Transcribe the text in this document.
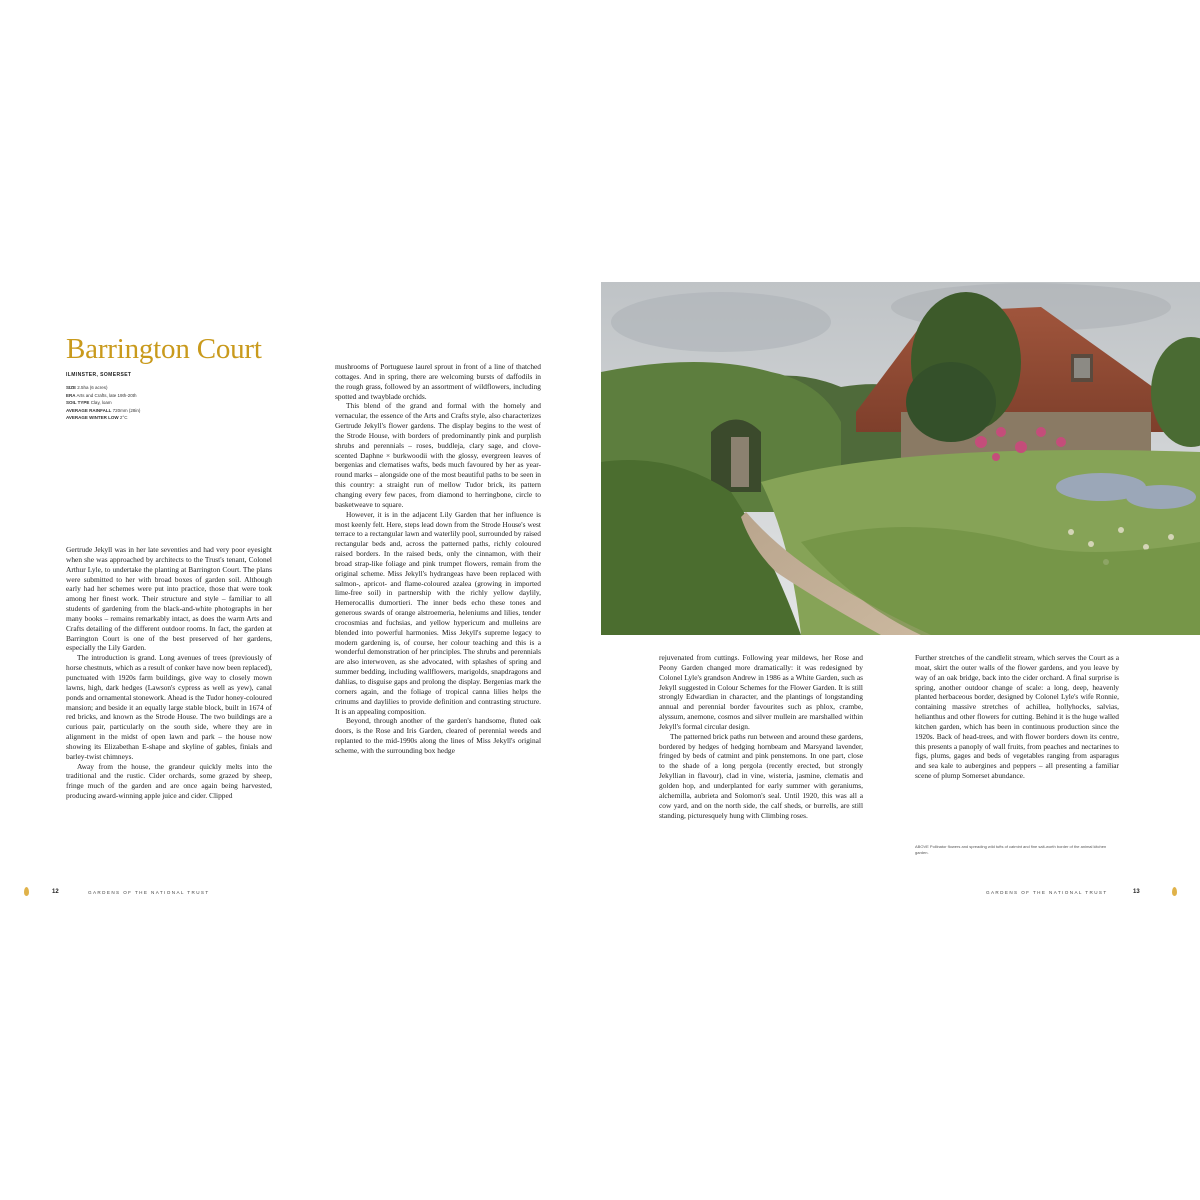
Barrington Court
ILMINSTER, SOMERSET
SIZE 2.5ha (6 acres)
ERA Arts and Crafts, late 19th-20th
SOIL TYPE Clay, loam
AVERAGE RAINFALL 720mm (28in)
AVERAGE WINTER LOW 2°C

Gertrude Jekyll was in her late seventies and had very poor eyesight when she was approached by architects to the Trust's tenant, Colonel Arthur Lyle, to undertake the planting at Barrington Court. The plans were submitted to her with broad boxes of garden soil. Although early had her schemes were put into practice, those that were took among her finest work. Their structure and style – familiar to all students of gardening from the black-and-white photographs in her many books – remains remarkably intact, as does the warm Arts and Crafts detailing of the different outdoor rooms. In fact, the garden at Barrington Court is one of the best preserved of her gardens, especially the Lily Garden.

The introduction is grand. Long avenues of trees (previously of horse chestnuts, which as a result of conker have now been replaced), punctuated with 1920s farm buildings, give way to closely mown lawns, high, dark hedges (Lawson's cypress as well as yew), canal ponds and ornamental stonework. Ahead is the Tudor honey-coloured mansion; and beside it an equally large stable block, built in 1674 of red bricks, and known as the Strode House. The two buildings are a curious pair, particularly on the south side, where they are in alignment in the midst of open lawn and park – the house now showing its Elizabethan E-shape and skyline of gables, finials and barley-twist chimneys.

Away from the house, the grandeur quickly melts into the traditional and the rustic. Cider orchards, some grazed by sheep, fringe much of the garden and are once again being harvested, producing award-winning apple juice and cider. Clipped

mushrooms of Portuguese laurel sprout in front of a line of thatched cottages. And in spring, there are welcoming bursts of daffodils in the rough grass, followed by an assortment of wildflowers, including spotted and twayblade orchids.

This blend of the grand and formal with the homely and vernacular, the essence of the Arts and Crafts style, also characterizes Gertrude Jekyll's flower gardens. The display begins to the west of the Strode House, with borders of predominantly pink and purplish shrubs and perennials – roses, buddleja, clary sage, and clove-scented Daphne × burkwoodii with the glossy, evergreen leaves of bergenias and clematises wafts, beds much favoured by her as year-round marks – alongside one of the most beautiful paths to be seen in this country: a straight run of mellow Tudor brick, its pattern changing every few paces, from diamond to herringbone, circle to basketweave to square.

However, it is in the adjacent Lily Garden that her influence is most keenly felt. Here, steps lead down from the Strode House's west terrace to a rectangular lawn and waterlily pool, surrounded by raised rectangular beds and, across the patterned paths, richly coloured raised borders. In the raised beds, only the cinnamon, with their broad strap-like foliage and pink trumpet flowers, remain from the original scheme. Miss Jekyll's hydrangeas have been replaced with salmon-, apricot- and flame-coloured azalea (growing in imported lime-free soil) in partnership with the richly yellow daylily, Hemerocallis dumortieri. The inner beds echo these tones and generous swards of orange alstroemeria, heleniums and lilies, tender crocosmias and fuchsias, and yellow hypericum and mulleins are blended into powerful harmonies. Miss Jekyll's supreme legacy to modern gardening is, of course, her colour teaching and this is a wonderful demonstration of her principles. The shrubs and perennials are also interwoven, as she advocated, with splashes of spring and summer bedding, including wallflowers, marigolds, snapdragons and dahlias, to disguise gaps and prolong the display. Bergenias mark the corners again, and the foliage of tropical canna lilies helps the crinums and daylilies to provide definition and contrasting structure. It is an appealing composition.

Beyond, through another of the garden's handsome, fluted oak doors, is the Rose and Iris Garden, cleared of perennial weeds and replanted to the mid-1990s along the lines of Miss Jekyll's original scheme, with the surrounding box hedge

12	GARDENS OF THE NATIONAL TRUST

rejuvenated from cuttings. Following year mildews, her Rose and Peony Garden changed more dramatically: it was redesigned by Colonel Lyle's grandson Andrew in 1986 as a White Garden, such as Jekyll suggested in Colour Schemes for the Flower Garden. It is still strongly Edwardian in character, and the plantings of longstanding annual and perennial border favourites such as phlox, crambe, alyssum, anemone, cosmos and silver mullein are marshalled within Jekyll's formal circular design.

The patterned brick paths run between and around these gardens, bordered by hedges of hedging hornbeam and Marsyand lavender, fringed by beds of catmint and pink penstemons. In one part, close to the shade of a long pergola (recently erected, but strongly Jekyllian in flavour), clad in vine, wisteria, jasmine, clematis and golden hop, and underplanted for early summer with geraniums, alchemilla, aubrieta and Solomon's seal. Until 1920, this was all a cow yard, and on the north side, the calf sheds, or burrells, are still standing, picturesquely hung with Climbing roses.

Further stretches of the candlelit stream, which serves the Court as a moat, skirt the outer walls of the flower gardens, and you leave by way of an oak bridge, back into the cider orchard. A final surprise is spring, another outdoor change of scale: a long, deep, heavenly planted herbaceous border, designed by Colonel Lyle's wife Ronnie, containing massive stretches of achillea, hollyhocks, salvias, helianthus and other flowers for cutting. Behind it is the huge walled kitchen garden, which has been in continuous production since the 1920s. Back of head-trees, and with flower borders down its centre, this presents a panoply of wall fruits, from peaches and nectarines to figs, plums, gages and beds of vegetables ranging from asparagus and sea kale to aubergines and peppers – all presenting a familiar scene of plump Somerset abundance.

ABOVE Pollinator flowers and spreading wild tufts of catmint and fine salt-worth border of the animal kitchen garden.
GARDENS OF THE NATIONAL TRUST	13
